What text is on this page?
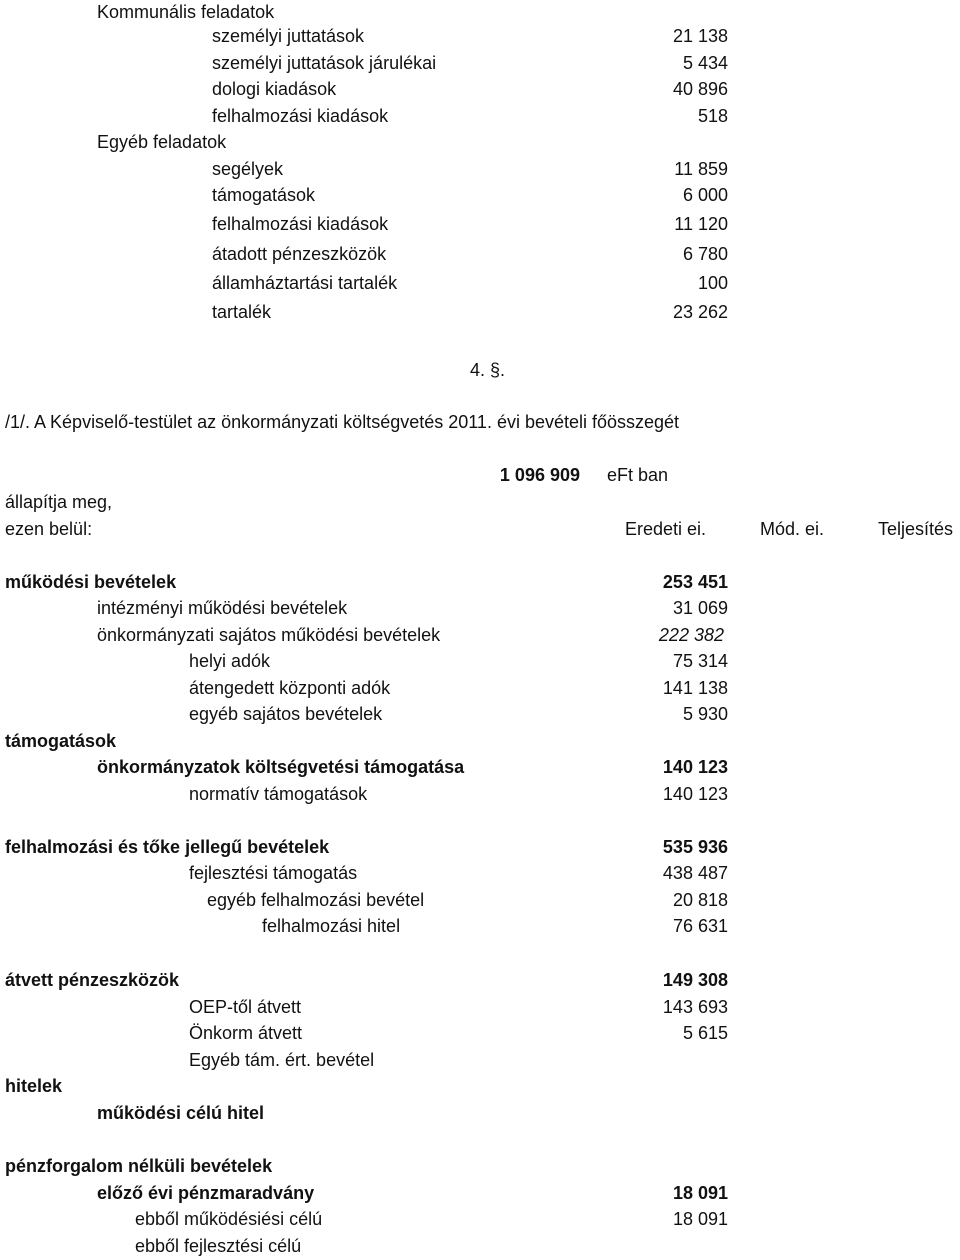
Kommunális feladatok
személyi juttatások	21 138
személyi juttatások járulékai	5 434
dologi kiadások	40 896
felhalmozási kiadások	518
Egyéb feladatok
segélyek	11 859
támogatások	6 000
felhalmozási kiadások	11 120
átadott pénzeszközök	6 780
államháztartási tartalék	100
tartalék	23 262
4. §.
/1/. A Képviselő-testület az önkormányzati költségvetés 2011. évi bevételi főösszegét
1 096 909 eFt ban
állapítja meg,
ezen belül:	Eredeti ei.	Mód. ei.	Teljesítés
működési bevételek	253 451
intézményi működési bevételek	31 069
önkormányzati sajátos működési bevételek	222 382
helyi adók	75 314
átengedett központi adók	141 138
egyéb sajátos bevételek	5 930
támogatások
önkormányzatok költségvetési támogatása	140 123
normatív támogatások	140 123
felhalmozási és tőke jellegű bevételek	535 936
fejlesztési támogatás	438 487
egyéb felhalmozási bevétel	20 818
felhalmozási hitel	76 631
átvett pénzeszközök	149 308
OEP-től átvett	143 693
Önkorm átvett	5 615
Egyéb tám. ért. bevétel
hitelek
működési célú hitel
pénzforgalom nélküli bevételek
előző évi pénzmaradvány	18 091
ebből működésiési célú	18 091
ebből fejlesztési célú
